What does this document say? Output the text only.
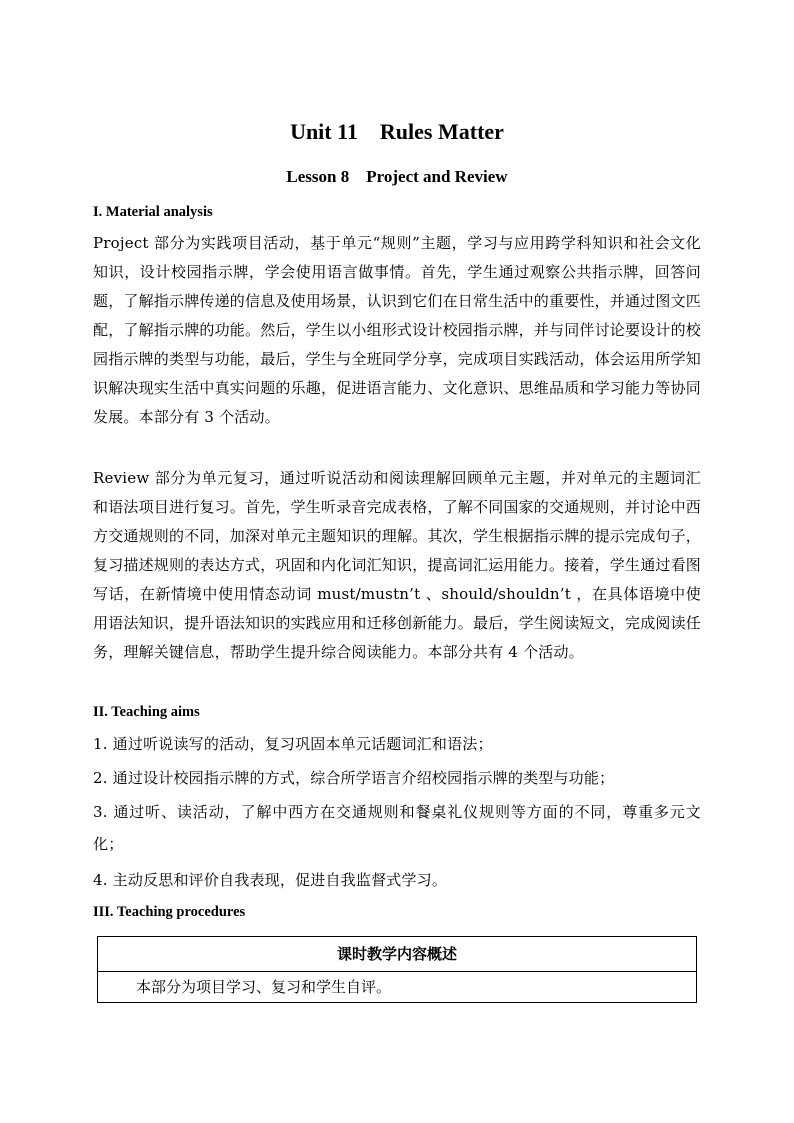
Unit 11    Rules Matter
Lesson 8    Project and Review
I. Material analysis
Project 部分为实践项目活动，基于单元“规则”主题，学习与应用跨学科知识和社会文化知识，设计校园指示牌，学会使用语言做事情。首先，学生通过观察公共指示牌，回答问题，了解指示牌传递的信息及使用场景，认识到它们在日常生活中的重要性，并通过图文匹配，了解指示牌的功能。然后，学生以小组形式设计校园指示牌，并与同伴讨论要设计的校园指示牌的类型与功能，最后，学生与全班同学分享，完成项目实践活动，体会运用所学知识解决现实生活中真实问题的乐趣，促进语言能力、文化意识、思维品质和学习能力等协同发展。本部分有 3 个活动。
Review 部分为单元复习，通过听说活动和阅读理解回顾单元主题，并对单元的主题词汇和语法项目进行复习。首先，学生听录音完成表格，了解不同国家的交通规则，并讨论中西方交通规则的不同，加深对单元主题知识的理解。其次，学生根据指示牌的提示完成句子，复习描述规则的表达方式，巩固和内化词汇知识，提高词汇运用能力。接着，学生通过看图写话，在新情境中使用情态动词 must/mustn’t 、should/shouldn’t ，在具体语境中使用语法知识，提升语法知识的实践应用和迁移创新能力。最后，学生阅读短文，完成阅读任务，理解关键信息，帮助学生提升综合阅读能力。本部分共有 4 个活动。
II. Teaching aims
1. 通过听说读写的活动，复习巩固本单元话题词汇和语法；
2. 通过设计校园指示牌的方式，综合所学语言介绍校园指示牌的类型与功能；
3. 通过听、读活动，了解中西方在交通规则和餐桌礼仪规则等方面的不同，尊重多元文化；
4. 主动反思和评价自我表现，促进自我监督式学习。
III. Teaching procedures
课时教学内容概述
本部分为项目学习、复习和学生自评。
